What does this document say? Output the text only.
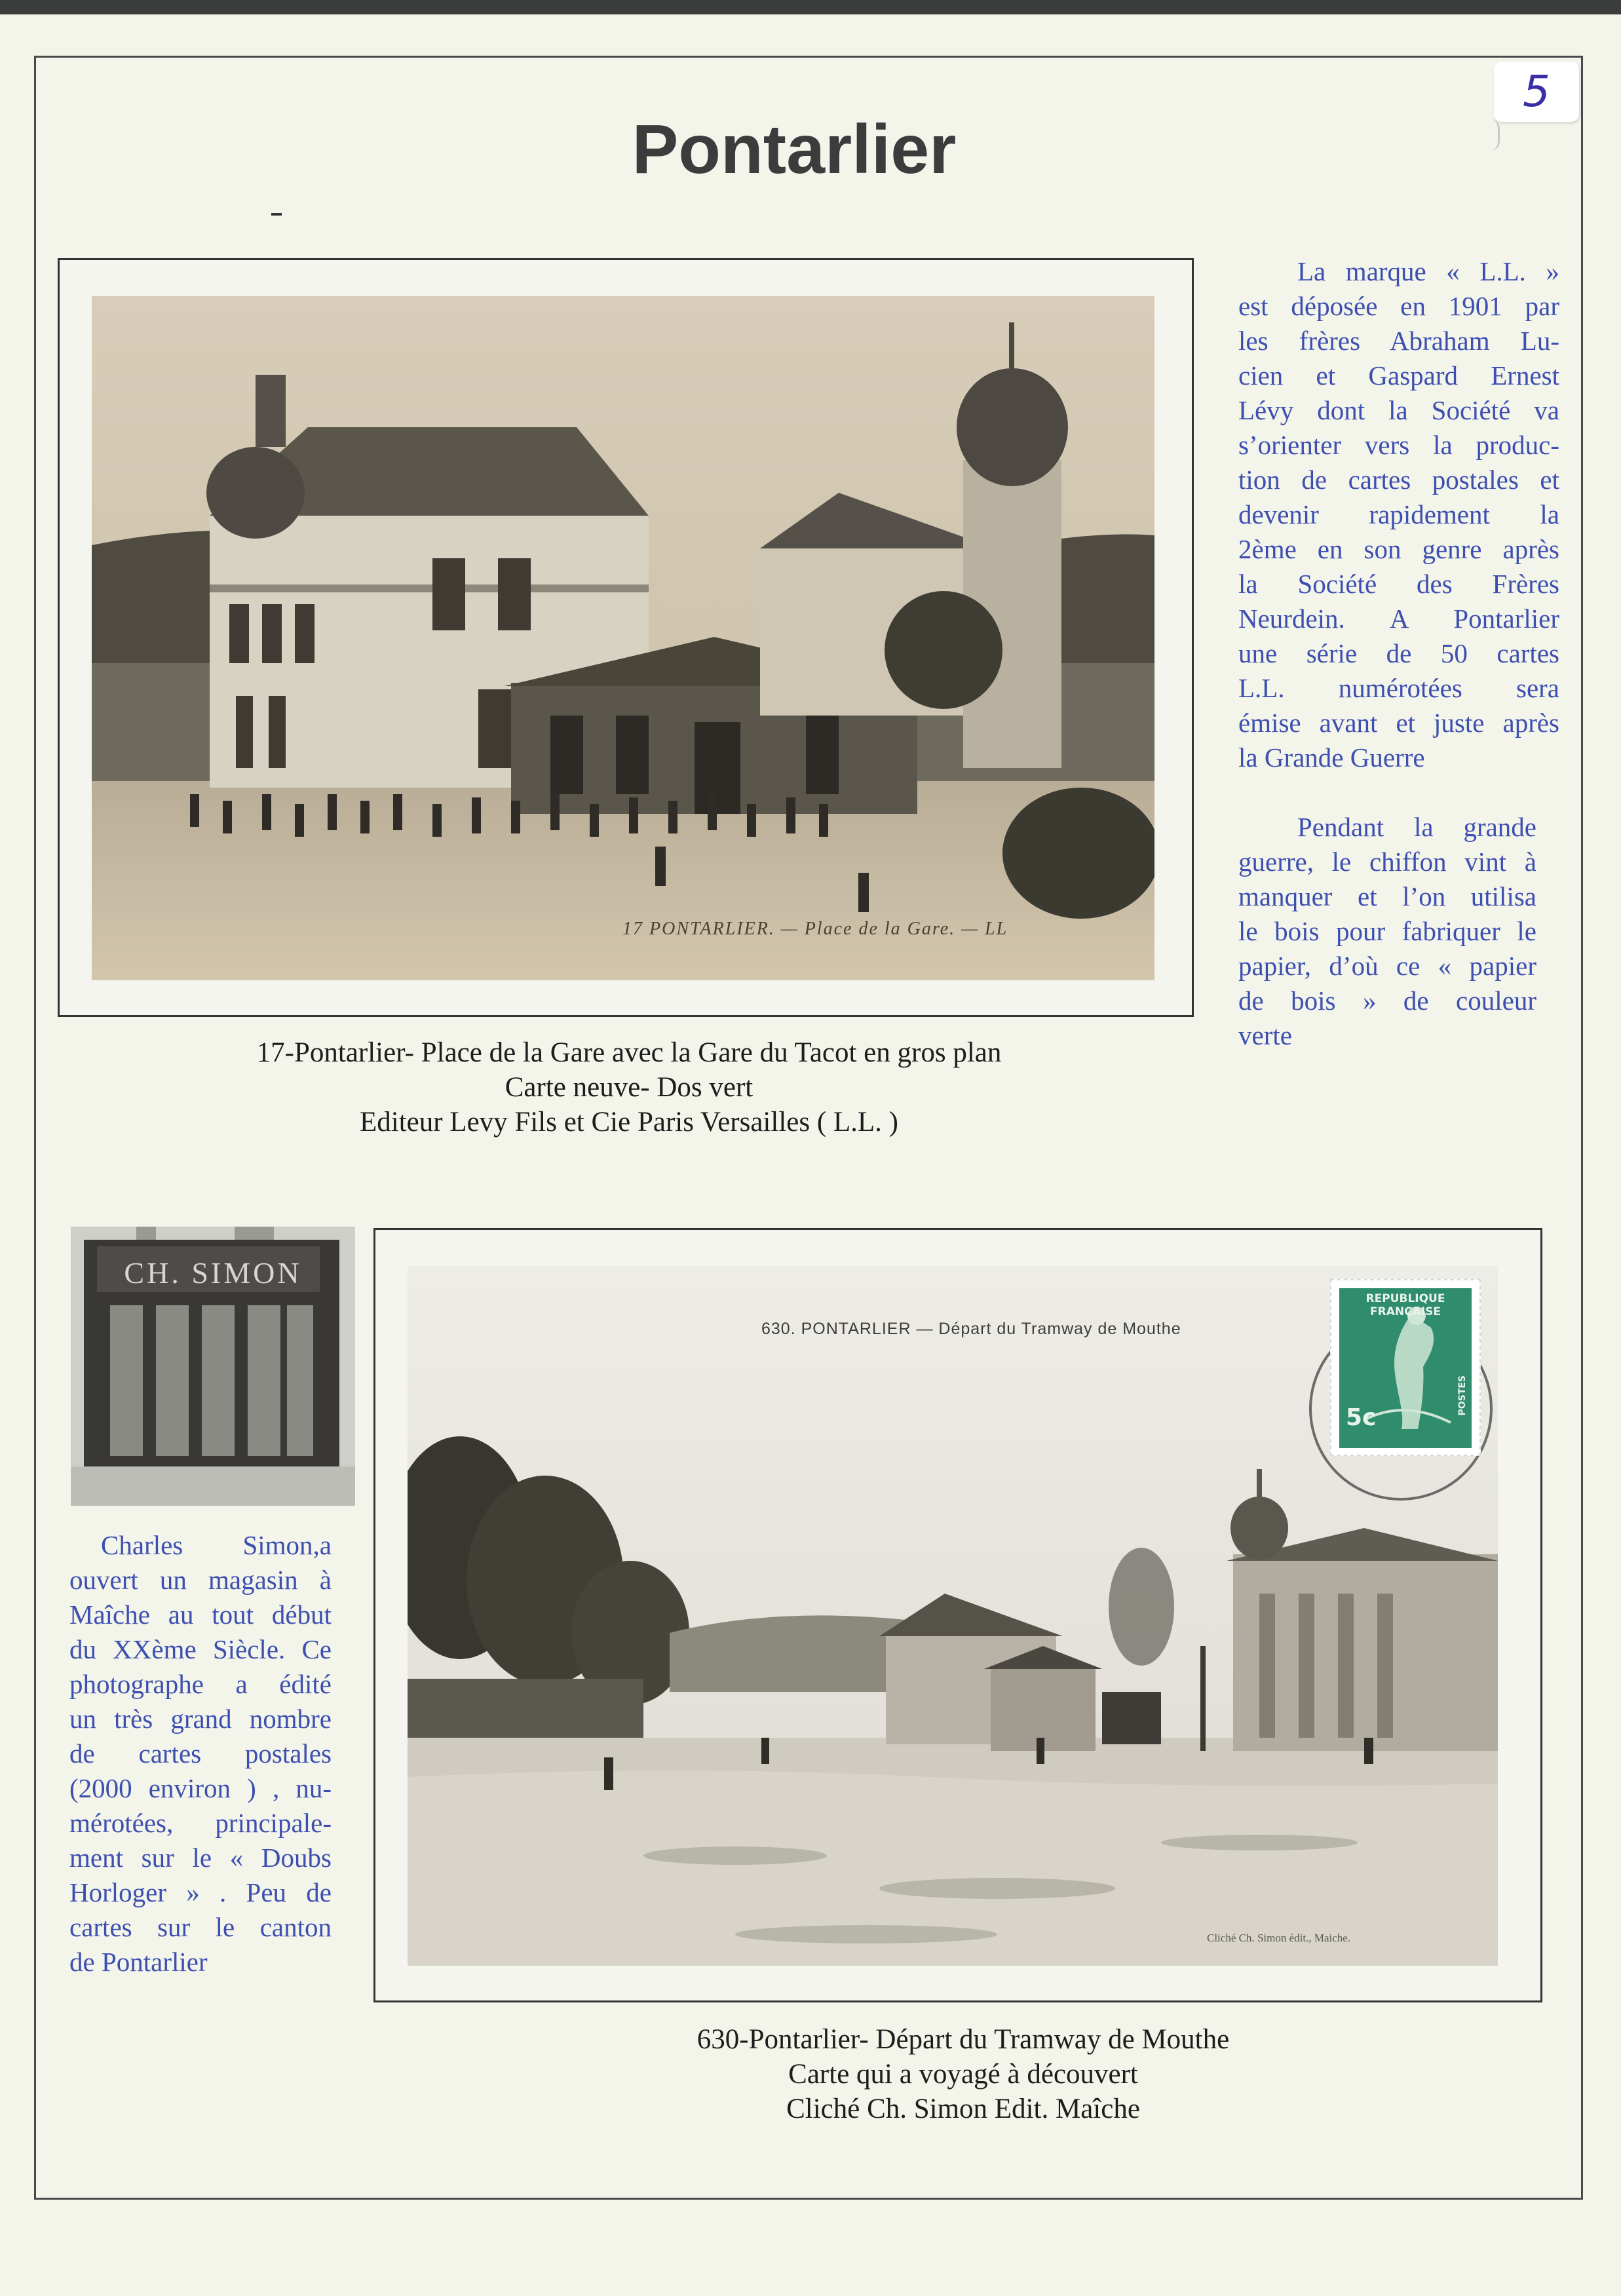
5
Pontarlier
17 PONTARLIER. — Place de la Gare. — LL
17-Pontarlier- Place de la Gare avec la Gare du Tacot en gros plan
Carte neuve- Dos vert
Editeur Levy Fils et Cie Paris Versailles ( L.L. )
La marque « L.L. »
est déposée en 1901 par
les frères Abraham Lu-
cien et Gaspard Ernest
Lévy dont la Société va
s’orienter vers la produc-
tion de cartes postales et
devenir rapidement la
2ème en son genre après
la Société des Frères
Neurdein. A Pontarlier
une série de 50 cartes
L.L. numérotées sera
émise avant et juste après
la Grande Guerre
Pendant la grande
guerre, le chiffon vint à
manquer et l’on utilisa
le bois pour fabriquer le
papier, d’où ce « papier
de bois » de couleur
verte
CH. SIMON
Charles Simon,a
ouvert un magasin à
Maîche au tout début
du XXème Siècle. Ce
photographe a édité
un très grand nombre
de cartes postales
(2000 environ ) , nu-
mérotées, principale-
ment sur le « Doubs
Horloger » . Peu de
cartes sur le canton
de Pontarlier
630. PONTARLIER — Départ du Tramway de Mouthe
Cliché Ch. Simon édit., Maiche.
REPUBLIQUE FRANÇAISE
5c
POSTES
630-Pontarlier- Départ du Tramway de Mouthe
Carte qui a voyagé à découvert
Cliché Ch. Simon Edit. Maîche
